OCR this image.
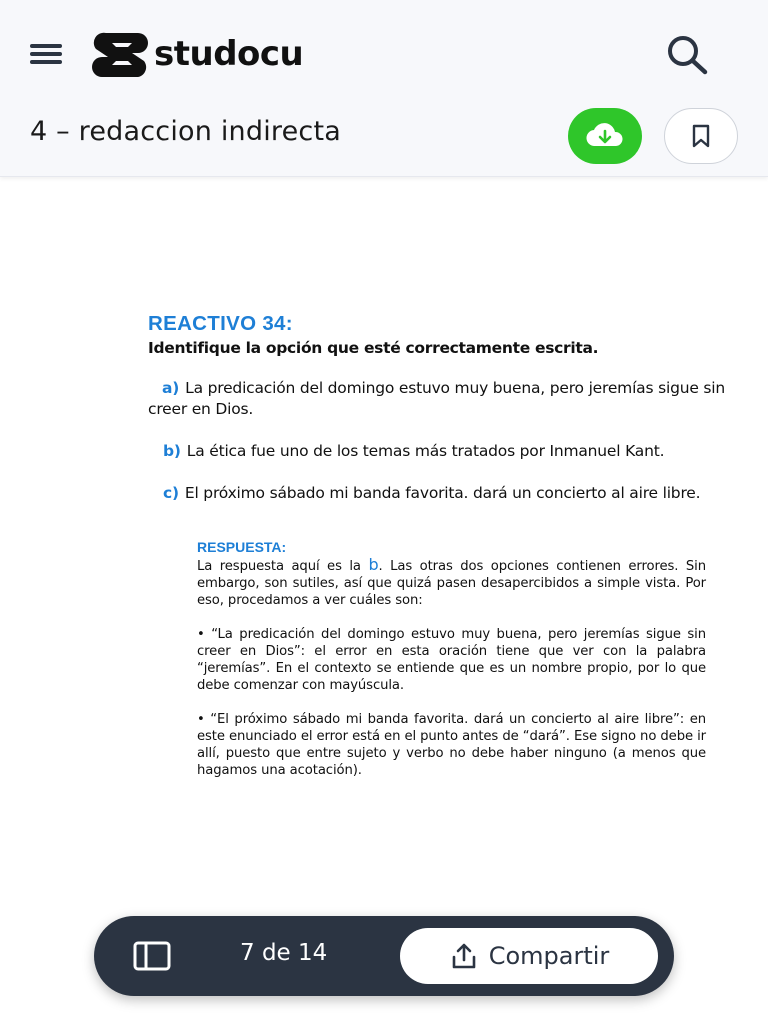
studocu
4 – redaccion indirecta
REACTIVO 34:
Identifique la opción que esté correctamente escrita.
a) La predicación del domingo estuvo muy buena, pero jeremías sigue sin creer en Dios.
b) La ética fue uno de los temas más tratados por Inmanuel Kant.
c) El próximo sábado mi banda favorita. dará un concierto al aire libre.
RESPUESTA:
La respuesta aquí es la b. Las otras dos opciones contienen errores. Sin embargo, son sutiles, así que quizá pasen desapercibidos a simple vista. Por eso, procedamos a ver cuáles son:
• “La predicación del domingo estuvo muy buena, pero jeremías sigue sin creer en Dios”: el error en esta oración tiene que ver con la palabra “jeremías”. En el contexto se entiende que es un nombre propio, por lo que debe comenzar con mayúscula.
• “El próximo sábado mi banda favorita. dará un concierto al aire libre”: en este enunciado el error está en el punto antes de “dará”. Ese signo no debe ir allí, puesto que entre sujeto y verbo no debe haber ninguno (a menos que hagamos una acotación).
7 de 14	Compartir
